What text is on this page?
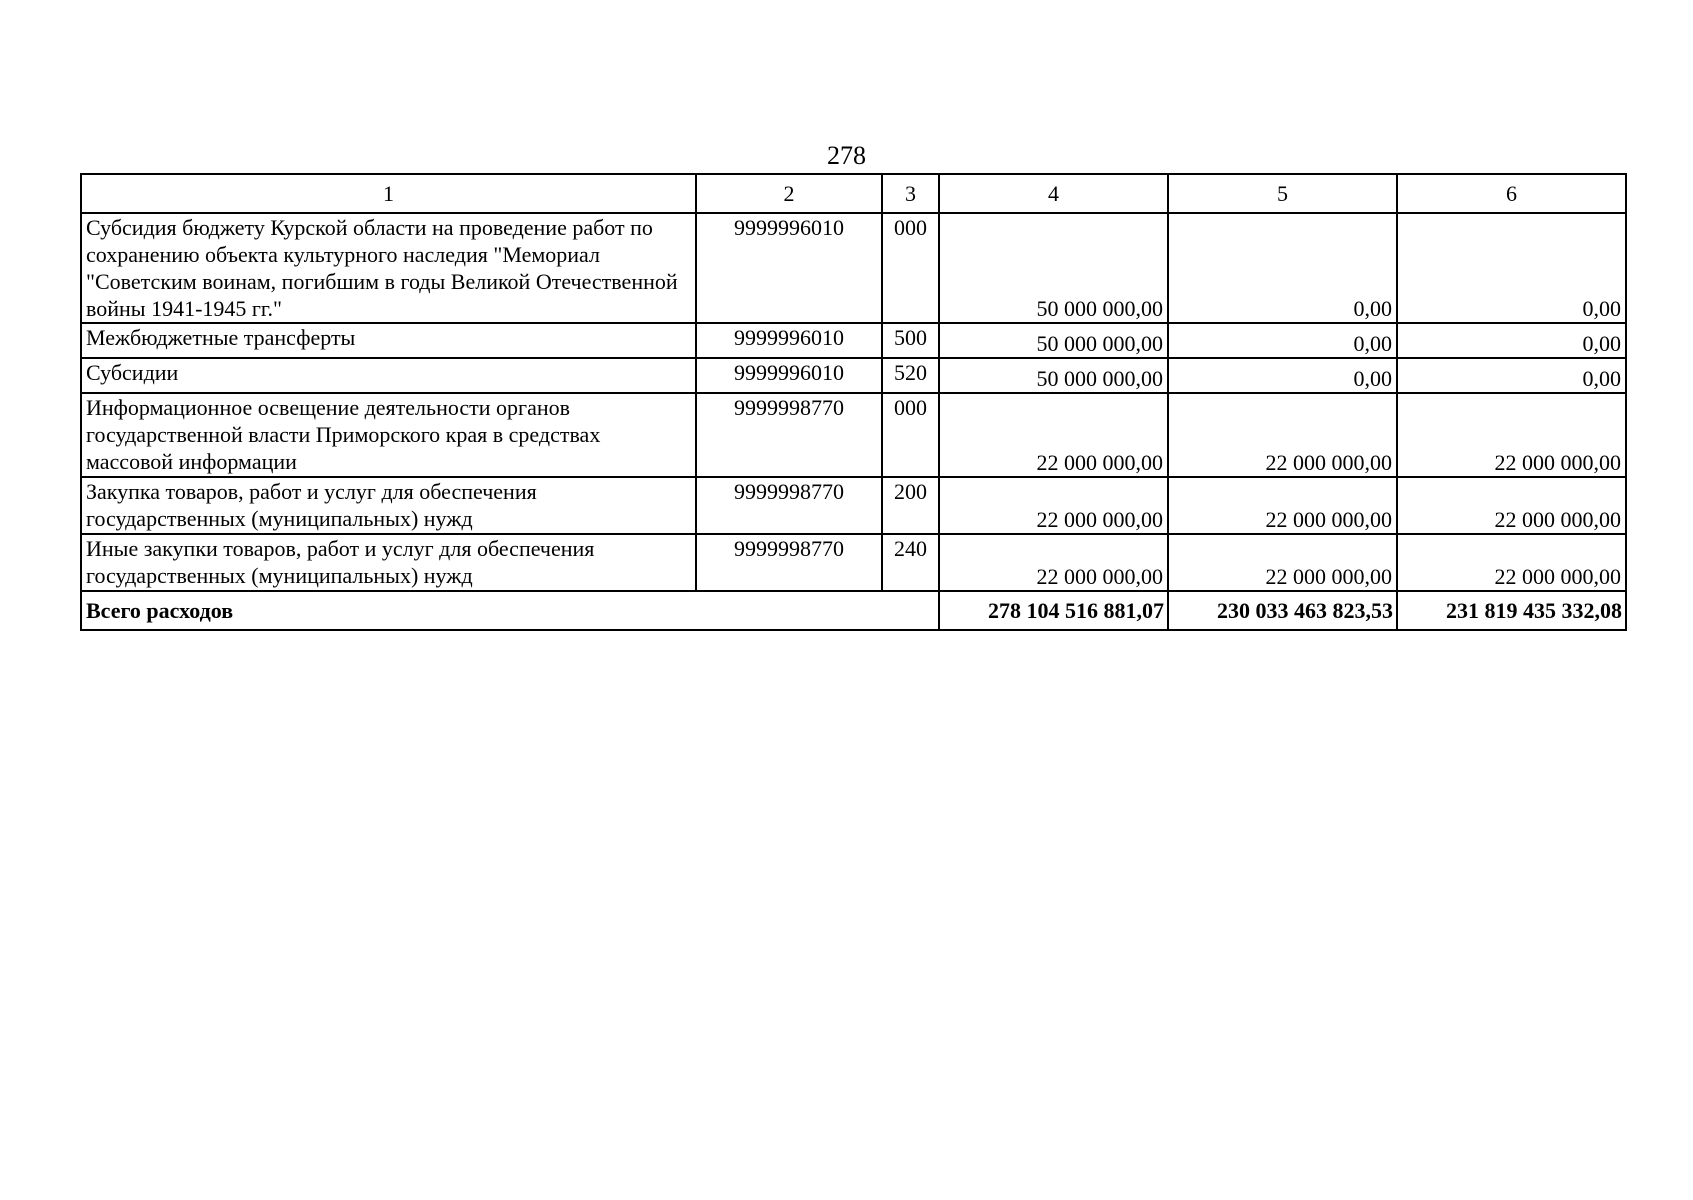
278
1	2	3	4	5	6
Субсидия бюджету Курской области на проведение работ по сохранению объекта культурного наследия "Мемориал "Советским воинам, погибшим в годы Великой Отечественной войны 1941-1945 гг."	9999996010	000	50 000 000,00	0,00	0,00
Межбюджетные трансферты	9999996010	500	50 000 000,00	0,00	0,00
Субсидии	9999996010	520	50 000 000,00	0,00	0,00
Информационное освещение деятельности органов государственной власти Приморского края в средствах массовой информации	9999998770	000	22 000 000,00	22 000 000,00	22 000 000,00
Закупка товаров, работ и услуг для обеспечения государственных (муниципальных) нужд	9999998770	200	22 000 000,00	22 000 000,00	22 000 000,00
Иные закупки товаров, работ и услуг для обеспечения государственных (муниципальных) нужд	9999998770	240	22 000 000,00	22 000 000,00	22 000 000,00
Всего расходов			278 104 516 881,07	230 033 463 823,53	231 819 435 332,08
